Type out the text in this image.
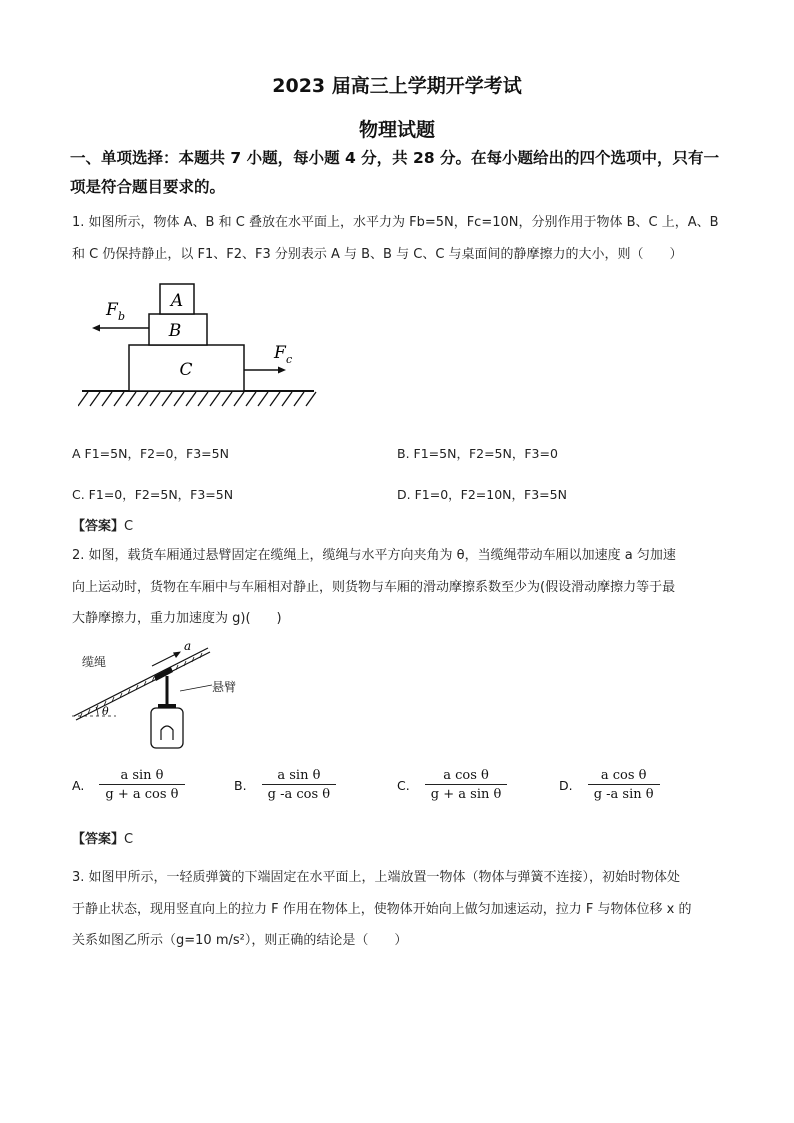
2023 届高三上学期开学考试
物理试题
一、单项选择：本题共 7 小题，每小题 4 分，共 28 分。在每小题给出的四个选项中，只有一
项是符合题目要求的。
1. 如图所示，物体 A、B 和 C 叠放在水平面上，水平力为 Fb=5N，Fc=10N，分别作用于物体 B、C 上，A、B
和 C 仍保持静止，以 F1、F2、F3 分别表示 A 与 B、B 与 C、C 与桌面间的静摩擦力的大小，则（　　）
A
B
C
F b
F c
A F1=5N，F2=0，F3=5N	B. F1=5N，F2=5N，F3=0
C. F1=0，F2=5N，F3=5N	D. F1=0，F2=10N，F3=5N
【答案】C
2. 如图，载货车厢通过悬臂固定在缆绳上，缆绳与水平方向夹角为 θ，当缆绳带动车厢以加速度 a 匀加速
向上运动时，货物在车厢中与车厢相对静止，则货物与车厢的滑动摩擦系数至少为(假设滑动摩擦力等于最
大静摩擦力，重力加速度为 g)(　　)
a
θ
缆绳
悬臂
A. $\frac{\text{a sin θ}}{\text{g + a cos θ}}$	B. $\frac{\text{a sin θ}}{\text{g -a cos θ}}$	C. $\frac{\text{a cos θ}}{\text{g + a sin θ}}$	D. $\frac{\text{a cos θ}}{\text{g -a sin θ}}$
【答案】C
3. 如图甲所示，一轻质弹簧的下端固定在水平面上，上端放置一物体（物体与弹簧不连接），初始时物体处
于静止状态，现用竖直向上的拉力 F 作用在物体上，使物体开始向上做匀加速运动，拉力 F 与物体位移 x 的
关系如图乙所示（g=10 m/s²），则正确的结论是（　　）
